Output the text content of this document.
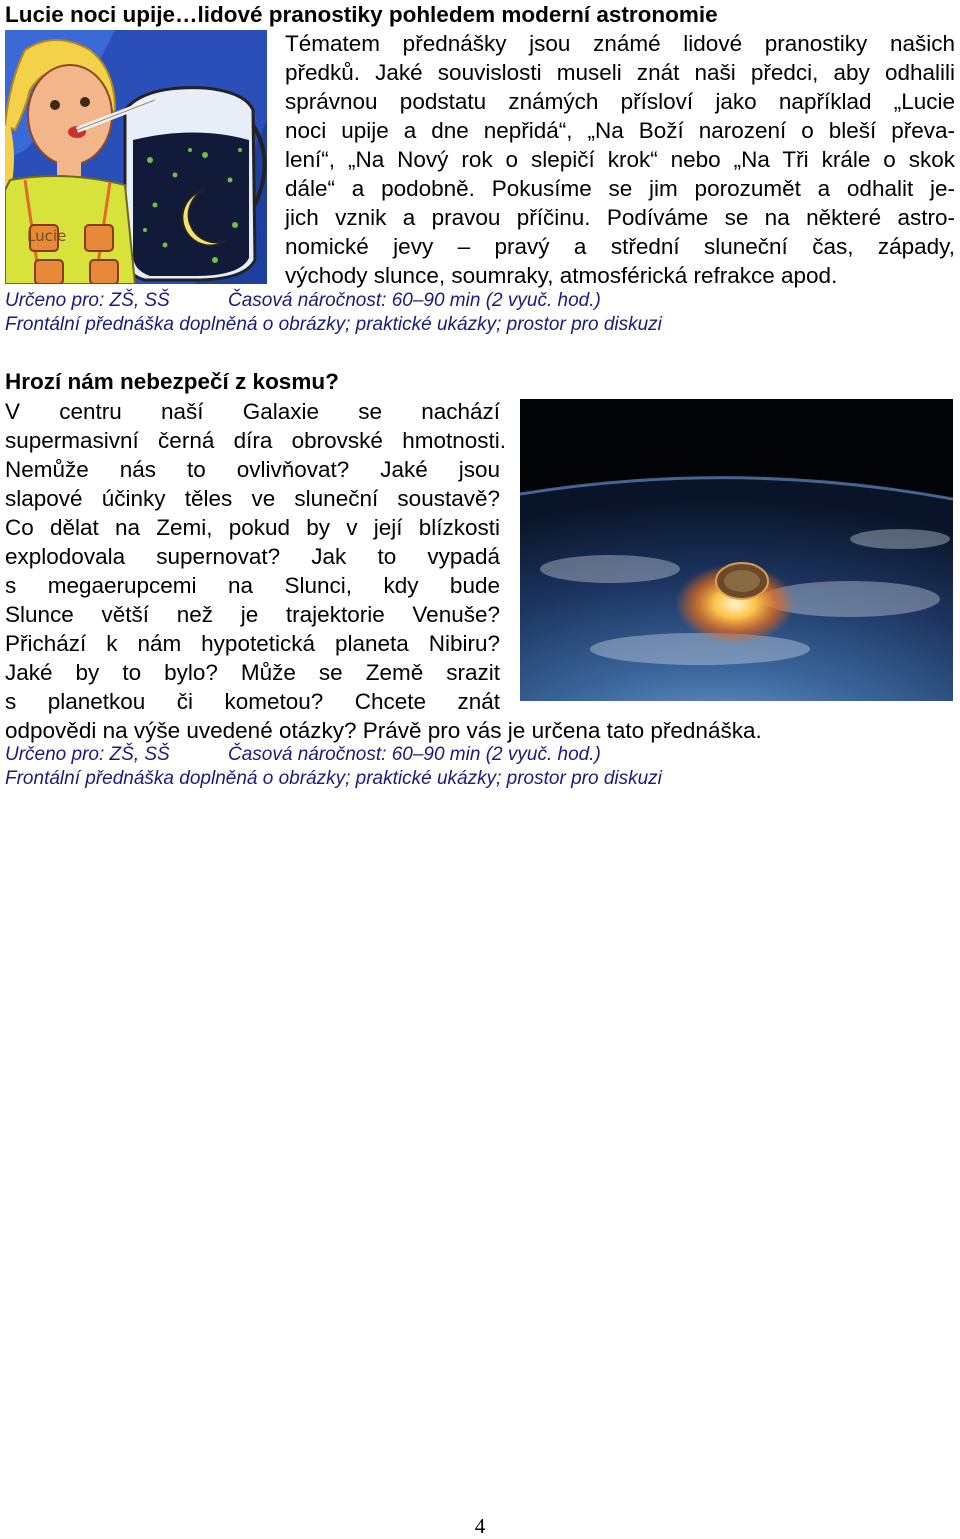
Lucie noci upije…lidové pranostiky pohledem moderní astronomie
Lucie
Tématem přednášky jsou známé lidové pranostiky našich
předků. Jaké souvislosti museli znát naši předci, aby odhalili
správnou podstatu známých přísloví jako například „Lucie
noci upije a dne nepřidá“, „Na Boží narození o bleší převa-
lení“, „Na Nový rok o slepičí krok“ nebo „Na Tři krále o skok
dále“ a podobně. Pokusíme se jim porozumět a odhalit je-
jich vznik a pravou příčinu. Podíváme se na některé astro-
nomické jevy – pravý a střední sluneční čas, západy,
východy slunce, soumraky, atmosférická refrakce apod.
Určeno pro: ZŠ, SŠ	Časová náročnost: 60–90 min (2 vyuč. hod.)
Frontální přednáška doplněná o obrázky; praktické ukázky; prostor pro diskuzi
Hrozí nám nebezpečí z kosmu?
V centru naší Galaxie se nachází
supermasivní černá díra obrovské hmotnosti.
Nemůže nás to ovlivňovat? Jaké jsou
slapové účinky těles ve sluneční soustavě?
Co dělat na Zemi, pokud by v její blízkosti
explodovala supernovat? Jak to vypadá
s megaerupcemi na Slunci, kdy bude
Slunce větší než je trajektorie Venuše?
Přichází k nám hypotetická planeta Nibiru?
Jaké by to bylo? Může se Země srazit
s planetkou či kometou? Chcete znát
odpovědi na výše uvedené otázky? Právě pro vás je určena tato přednáška.
Určeno pro: ZŠ, SŠ	Časová náročnost: 60–90 min (2 vyuč. hod.)
Frontální přednáška doplněná o obrázky; praktické ukázky; prostor pro diskuzi
4
